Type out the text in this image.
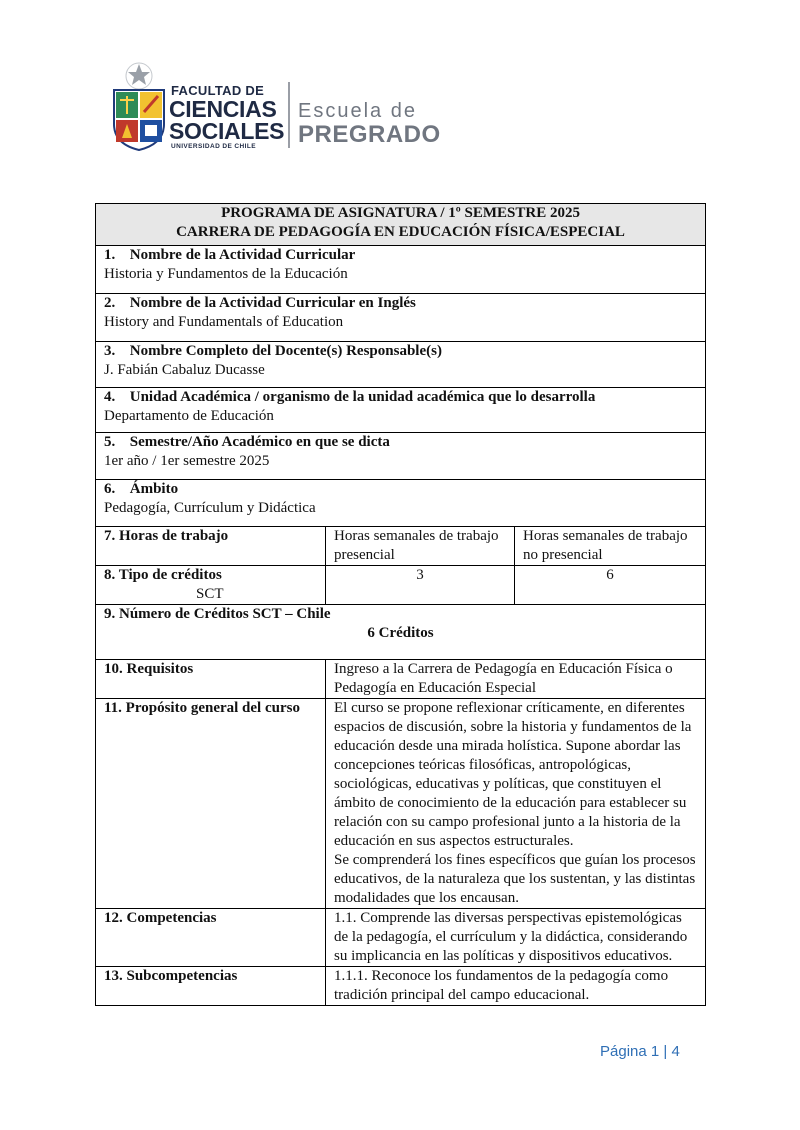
FACULTAD DE
CIENCIAS
SOCIALES
UNIVERSIDAD DE CHILE
Escuela de
PREGRADO
PROGRAMA DE ASIGNATURA / 1º SEMESTRE 2025
CARRERA DE PEDAGOGÍA EN EDUCACIÓN FÍSICA/ESPECIAL		

1. Nombre de la Actividad Curricular
Historia y Fundamentos de la Educación		

2. Nombre de la Actividad Curricular en Inglés
History and Fundamentals of Education		

3. Nombre Completo del Docente(s) Responsable(s)
J. Fabián Cabaluz Ducasse		

4. Unidad Académica / organismo de la unidad académica que lo desarrolla
Departamento de Educación		

5. Semestre/Año Académico en que se dicta
1er año / 1er semestre 2025		

6. Ámbito
Pedagogía, Currículum y Didáctica		

7. Horas de trabajo	Horas semanales de trabajo presencial	Horas semanales de trabajo no presencial

8. Tipo de créditos
SCT	3	6

9. Número de Créditos SCT – Chile
6 Créditos		

10. Requisitos	Ingreso a la Carrera de Pedagogía en Educación Física o Pedagogía en Educación Especial	
11. Propósito general del curso	El curso se propone reflexionar críticamente, en diferentes espacios de discusión, sobre la historia y fundamentos de la educación desde una mirada holística. Supone abordar las concepciones teóricas filosóficas, antropológicas, sociológicas, educativas y políticas, que constituyen el ámbito de conocimiento de la educación para establecer su relación con su campo profesional junto a la historia de la educación en sus aspectos estructurales.
Se comprenderá los fines específicos que guían los procesos educativos, de la naturaleza que los sustentan, y las distintas modalidades que los encausan.	

12. Competencias	1.1. Comprende las diversas perspectivas epistemológicas de la pedagogía, el currículum y la didáctica, considerando su implicancia en las políticas y dispositivos educativos.	
13. Subcompetencias	1.1.1. Reconoce los fundamentos de la pedagogía como tradición principal del campo educacional.	
Página 1 | 4
